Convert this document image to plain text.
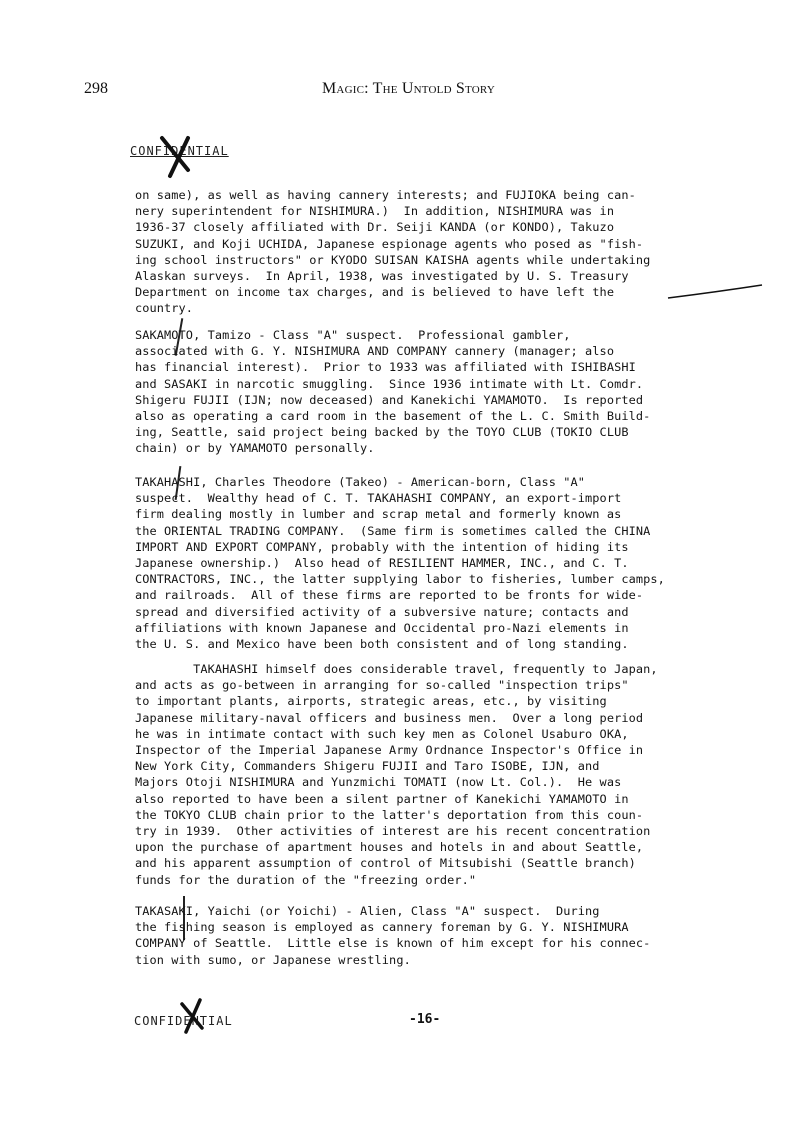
298	Magic: The Untold Story
CONFIDENTIAL
on same), as well as having cannery interests; and FUJIOKA being can-
nery superintendent for NISHIMURA.)  In addition, NISHIMURA was in
1936-37 closely affiliated with Dr. Seiji KANDA (or KONDO), Takuzo
SUZUKI, and Koji UCHIDA, Japanese espionage agents who posed as "fish-
ing school instructors" or KYODO SUISAN KAISHA agents while undertaking
Alaskan surveys.  In April, 1938, was investigated by U. S. Treasury
Department on income tax charges, and is believed to have left the
country.
SAKAMOTO, Tamizo - Class "A" suspect.  Professional gambler,
associated with G. Y. NISHIMURA AND COMPANY cannery (manager; also
has financial interest).  Prior to 1933 was affiliated with ISHIBASHI
and SASAKI in narcotic smuggling.  Since 1936 intimate with Lt. Comdr.
Shigeru FUJII (IJN; now deceased) and Kanekichi YAMAMOTO.  Is reported
also as operating a card room in the basement of the L. C. Smith Build-
ing, Seattle, said project being backed by the TOYO CLUB (TOKIO CLUB
chain) or by YAMAMOTO personally.
TAKAHASHI, Charles Theodore (Takeo) - American-born, Class "A"
suspect.  Wealthy head of C. T. TAKAHASHI COMPANY, an export-import
firm dealing mostly in lumber and scrap metal and formerly known as
the ORIENTAL TRADING COMPANY.  (Same firm is sometimes called the CHINA
IMPORT AND EXPORT COMPANY, probably with the intention of hiding its
Japanese ownership.)  Also head of RESILIENT HAMMER, INC., and C. T.
CONTRACTORS, INC., the latter supplying labor to fisheries, lumber camps,
and railroads.  All of these firms are reported to be fronts for wide-
spread and diversified activity of a subversive nature; contacts and
affiliations with known Japanese and Occidental pro-Nazi elements in
the U. S. and Mexico have been both consistent and of long standing.
TAKAHASHI himself does considerable travel, frequently to Japan,
and acts as go-between in arranging for so-called "inspection trips"
to important plants, airports, strategic areas, etc., by visiting
Japanese military-naval officers and business men.  Over a long period
he was in intimate contact with such key men as Colonel Usaburo OKA,
Inspector of the Imperial Japanese Army Ordnance Inspector's Office in
New York City, Commanders Shigeru FUJII and Taro ISOBE, IJN, and
Majors Otoji NISHIMURA and Yunzmichi TOMATI (now Lt. Col.).  He was
also reported to have been a silent partner of Kanekichi YAMAMOTO in
the TOKYO CLUB chain prior to the latter's deportation from this coun-
try in 1939.  Other activities of interest are his recent concentration
upon the purchase of apartment houses and hotels in and about Seattle,
and his apparent assumption of control of Mitsubishi (Seattle branch)
funds for the duration of the "freezing order."
TAKASAKI, Yaichi (or Yoichi) - Alien, Class "A" suspect.  During
the fishing season is employed as cannery foreman by G. Y. NISHIMURA
COMPANY of Seattle.  Little else is known of him except for his connec-
tion with sumo, or Japanese wrestling.
CONFIDENTIAL	-16-
